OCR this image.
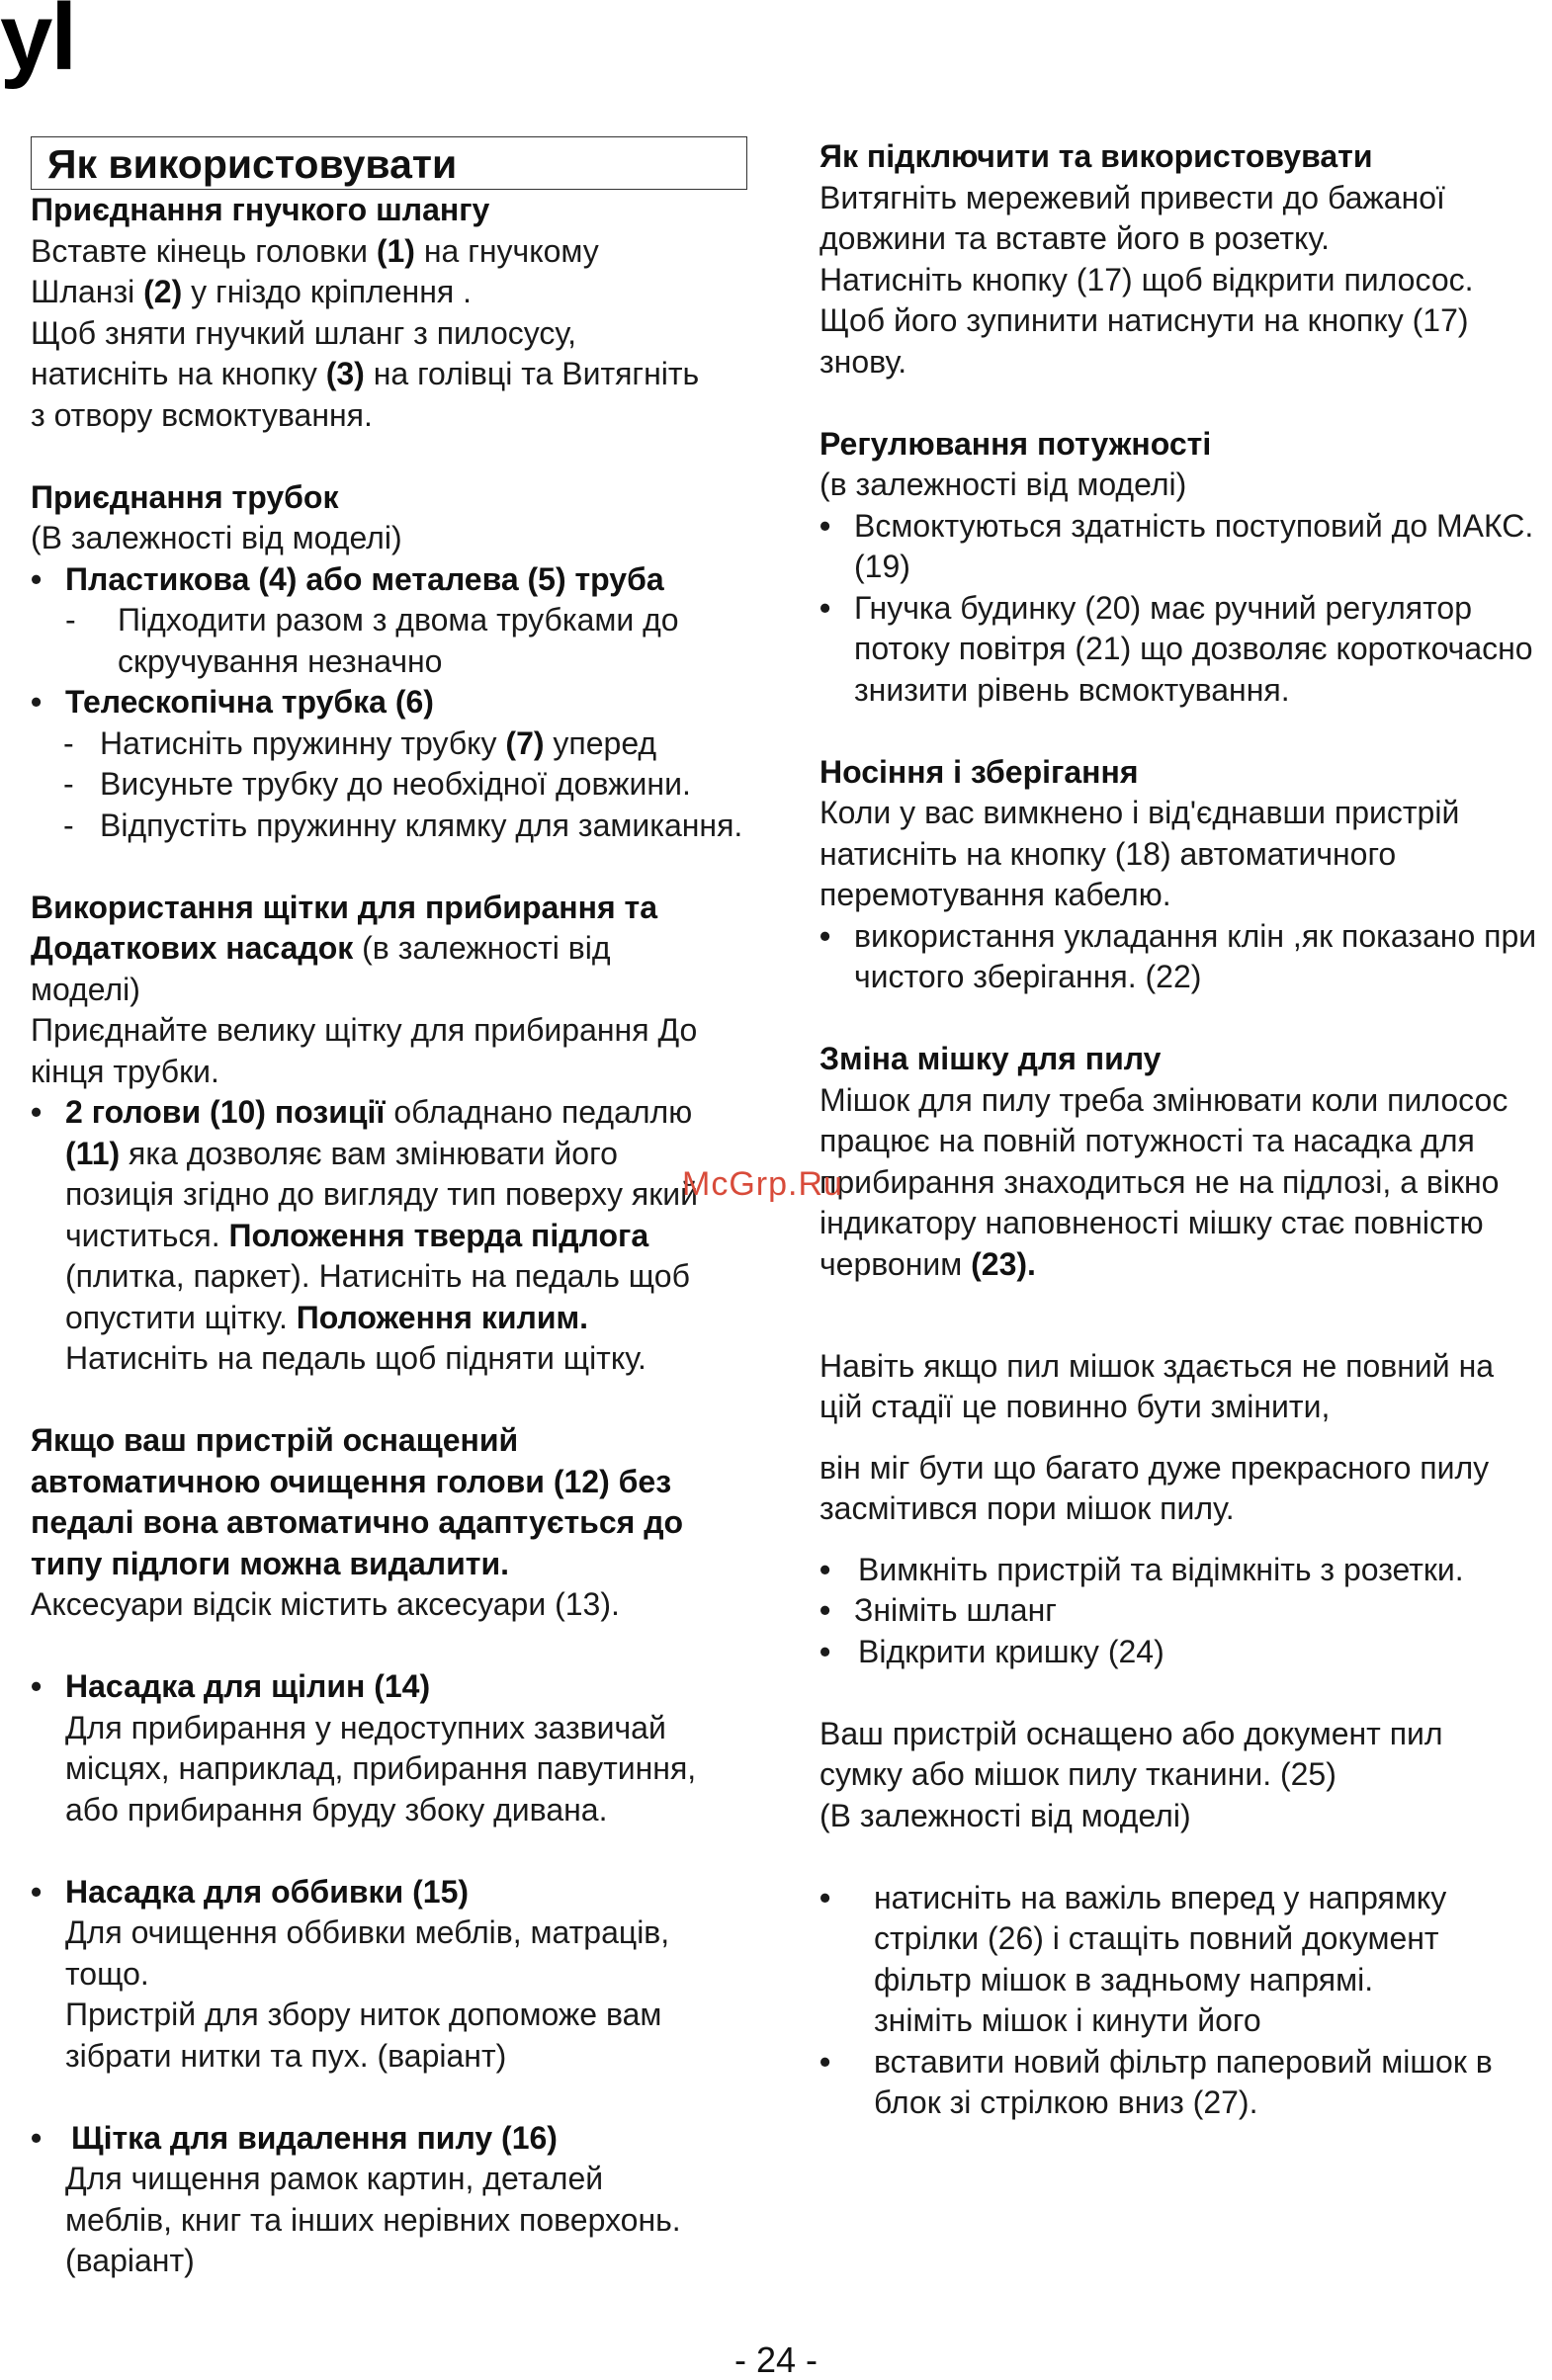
уl
Як використовувати

Приєднання гнучкого шлангу

Вставте кінець головки (1) на гнучкому

Шланзі (2) у гніздо кріплення .

Щоб зняти гнучкий шланг з пилосусу,

натисніть на кнопку (3) на голівці та Витягніть

з отвору всмоктування.

Приєднання трубок

(В залежності від моделі)

• Пластикова (4) або металева (5) труба
- Підходити разом з двома трубками до скручування незначно
• Телескопічна трубка (6)
- Натисніть пружинну трубку (7) уперед
- Висуньте трубку до необхідної довжини.
- Відпустіть пружинну клямку для замикання.

Використання щітки для прибирання та

Додаткових насадок (в залежності від

моделі)

Приєднайте велику щітку для прибирання До кінця трубки.

• 2 голови (10) позиції обладнано педаллю
(11) яка дозволяє вам змінювати його
позиція згідно до вигляду тип поверху який
чиститься. Положення тверда підлога
(плитка, паркет). Натисніть на педаль щоб
опустити щітку. Положення килим.
Натисніть на педаль щоб підняти щітку.

Якщо ваш пристрій оснащений

автоматичною очищення голови (12) без

педалі вона автоматично адаптується до

типу підлоги можна видалити.

Аксесуари відсік містить аксесуари (13).

• Насадка для щілин (14)
Для прибирання у недоступних зазвичай
місцях, наприклад, прибирання павутиння,
або прибирання бруду збоку дивана.
• Насадка для оббивки (15)
Для очищення оббивки меблів, матраців,
тощо.
Пристрій для збору ниток допоможе вам
зібрати нитки та пух. (варіант)
• Щітка для видалення пилу (16)
Для чищення рамок картин, деталей
меблів, книг та інших нерівних поверхонь.
(варіант)

Як підключити та використовувати

Витягніть мережевий привести до бажаної

довжини та вставте його в розетку.

Натисніть кнопку (17) щоб відкрити пилосос.

Щоб його зупинити натиснути на кнопку (17)

знову.

Регулювання потужності

(в залежності від моделі)

• Всмоктуються здатність поступовий до МАКС. (19)
• Гнучка будинку (20) має ручний регулятор потоку повітря (21) що дозволяє короткочасно знизити рівень всмоктування.

Носіння і зберігання

Коли у вас вимкнено і від'єднавши пристрій

натисніть на кнопку (18) автоматичного

перемотування кабелю.

• використання укладання клін ,як показано при чистого зберігання. (22)

Зміна мішку для пилу

Мішок для пилу треба змінювати коли пилосос

працює на повній потужності та насадка для

прибирання знаходиться не на підлозі, а вікно

індикатору наповненості мішку стає повністю

червоним (23).

Навіть якщо пил мішок здається не повний на

цій стадії це повинно бути змінити,

він міг бути що багато дуже прекрасного пилу

засмітився пори мішок пилу.

• Вимкніть пристрій та відімкніть з розетки.
• Зніміть шланг
• Відкрити кришку (24)

Ваш пристрій оснащено або документ пил

сумку або мішок пилу тканини. (25)

(В залежності від моделі)

• натисніть на важіль вперед у напрямку
стрілки (26) і стащіть повний документ
фільтр мішок в задньому напрямі.
зніміть мішок і кинути його
• вставити новий фільтр паперовий мішок в блок зі стрілкою вниз (27).
McGrp.Ru
- 24 -
